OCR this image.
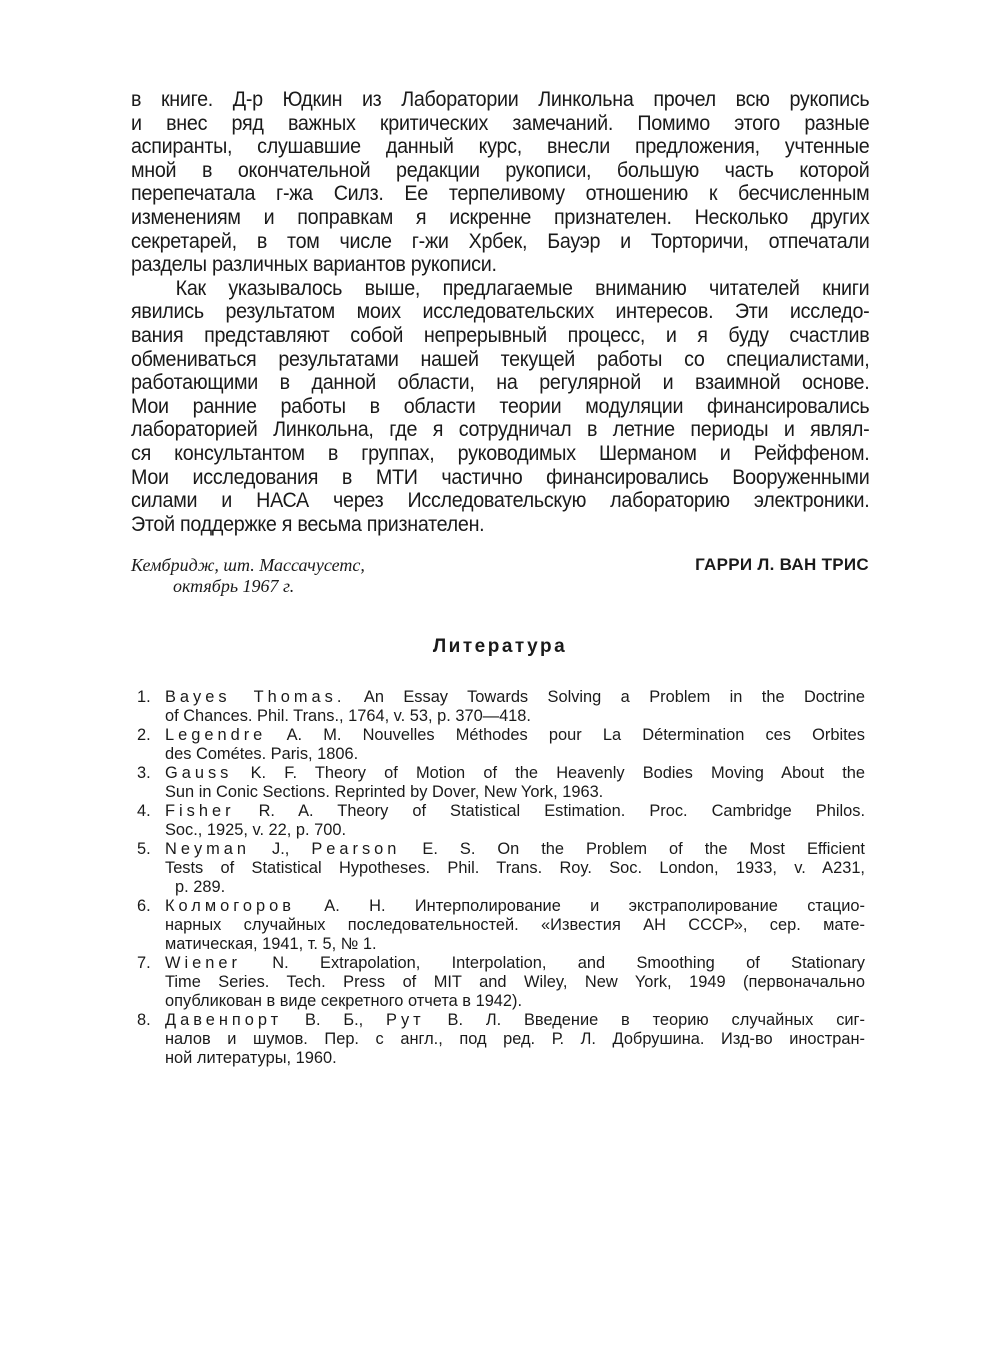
в книге. Д-р Юдкин из Лаборатории Линкольна прочел всю рукопись
и внес ряд важных критических замечаний. Помимо этого разные
аспиранты, слушавшие данный курс, внесли предложения, учтенные
мной в окончательной редакции рукописи, большую часть которой
перепечатала г-жа Силз. Ее терпеливому отношению к бесчисленным
изменениям и поправкам я искренне признателен. Несколько других
секретарей, в том числе г-жи Хрбек, Бауэр и Торторичи, отпечатали
разделы различных вариантов рукописи.

Как указывалось выше, предлагаемые вниманию читателей книги
явились результатом моих исследовательских интересов. Эти исследо-
вания представляют собой непрерывный процесс, и я буду счастлив
обмениваться результатами нашей текущей работы со специалистами,
работающими в данной области, на регулярной и взаимной основе.
Мои ранние работы в области теории модуляции финансировались
лабораторией Линкольна, где я сотрудничал в летние периоды и являл-
ся консультантом в группах, руководимых Шерманом и Рейффеном.
Мои исследования в МТИ частично финансировались Вооруженными
силами и НАСА через Исследовательскую лабораторию электроники.
Этой поддержке я весьма признателен.

Кембридж, шт. Массачусетс,
октябрь 1967 г.
ГАРРИ Л. ВАН ТРИС
Литература
1. Bayes Thomas. An Essay Towards Solving a Problem in the Doctrine
of Chances. Phil. Trans., 1764, v. 53, p. 370—418.
2. Legendre A. M. Nouvelles Méthodes pour La Détermination ces Orbites
des Cométes. Paris, 1806.
3. Gauss K. F. Theory of Motion of the Heavenly Bodies Moving About the
Sun in Conic Sections. Reprinted by Dover, New York, 1963.
4. Fisher R. A. Theory of Statistical Estimation. Proc. Cambridge Philos.
Soc., 1925, v. 22, p. 700.
5. Neyman J., Pearson E. S. On the Problem of the Most Efficient
Tests of Statistical Hypotheses. Phil. Trans. Roy. Soc. London, 1933, v. A231,
p. 289.
6. Колмогоров А. Н. Интерполирование и экстраполирование стацио-
нарных случайных последовательностей. «Известия АН СССР», сер. мате-
матическая, 1941, т. 5, № 1.
7. Wiener N. Extrapolation, Interpolation, and Smoothing of Stationary
Time Series. Tech. Press of MIT and Wiley, New York, 1949 (первоначально
опубликован в виде секретного отчета в 1942).
8. Давенпорт В. Б., Рут В. Л. Введение в теорию случайных сиг-
налов и шумов. Пер. с англ., под ред. Р. Л. Добрушина. Изд-во иностран-
ной литературы, 1960.
